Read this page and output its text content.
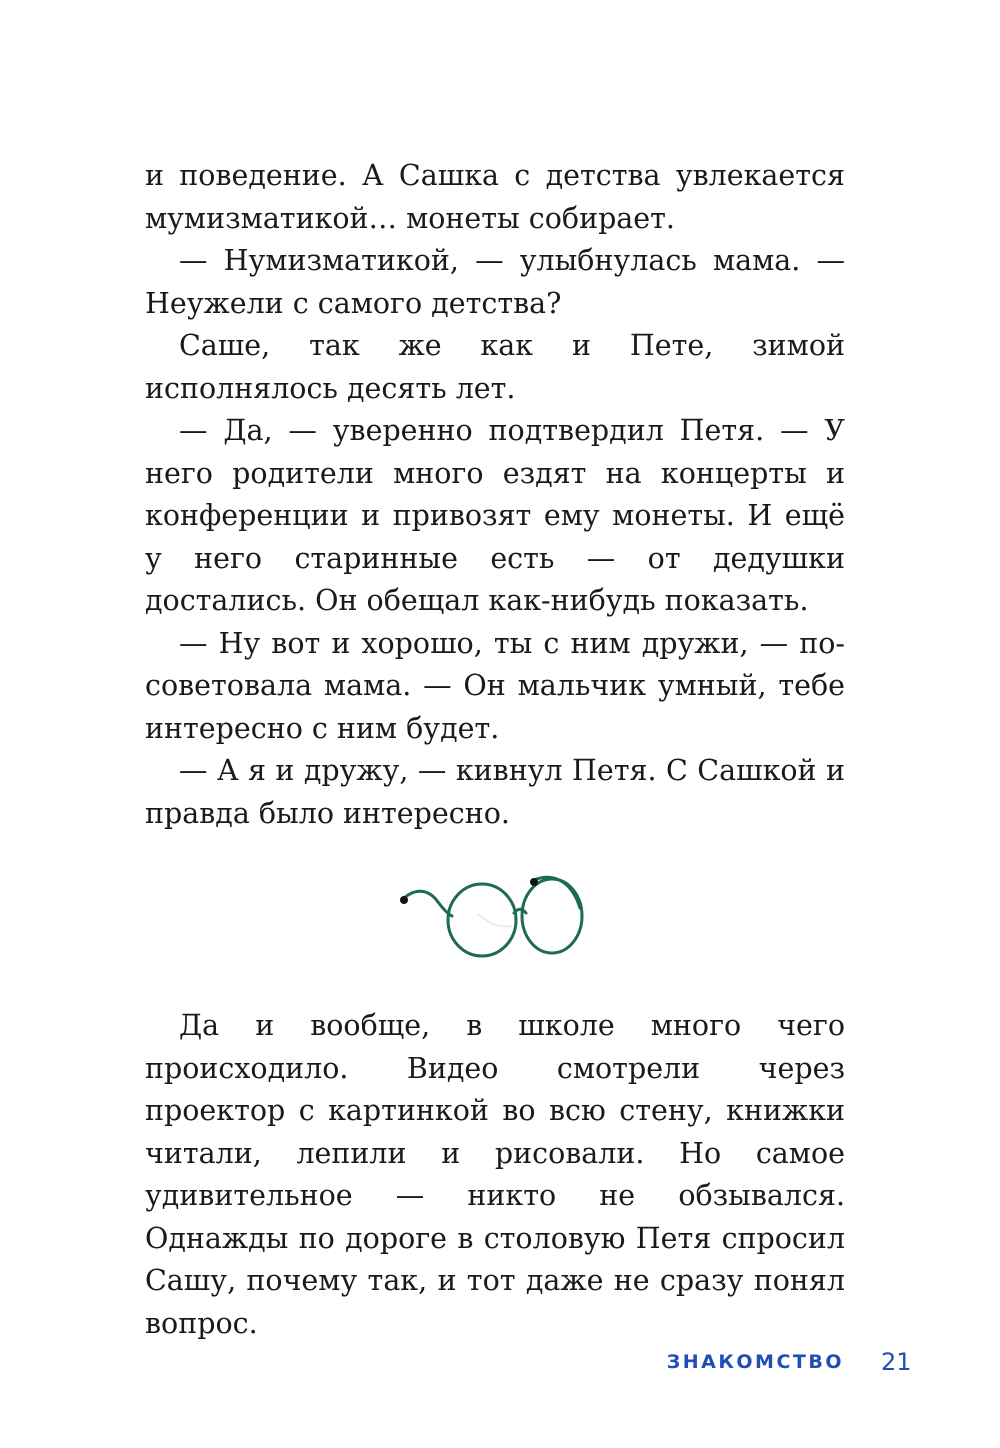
и поведение. А Сашка с детства увлекается мумизматикой… монеты собирает.

— Нумизматикой, — улыбнулась мама. — Неужели с самого детства?

Саше, так же как и Пете, зимой исполнялось десять лет.

— Да, — уверенно подтвердил Петя. — У него родители много ездят на концерты и конференции и привозят ему монеты. И ещё у него старинные есть — от дедушки достались. Он обещал как-нибудь показать.

— Ну вот и хорошо, ты с ним дружи, — посоветовала мама. — Он мальчик умный, тебе интересно с ним будет.

— А я и дружу, — кивнул Петя. С Сашкой и правда было интересно.

Да и вообще, в школе много чего происходило. Видео смотрели через проектор с картинкой во всю стену, книжки читали, лепили и рисовали. Но самое удивительное — никто не обзывался. Однажды по дороге в столовую Петя спросил Сашу, почему так, и тот даже не сразу понял вопрос.

ЗНАКОМСТВО 21
